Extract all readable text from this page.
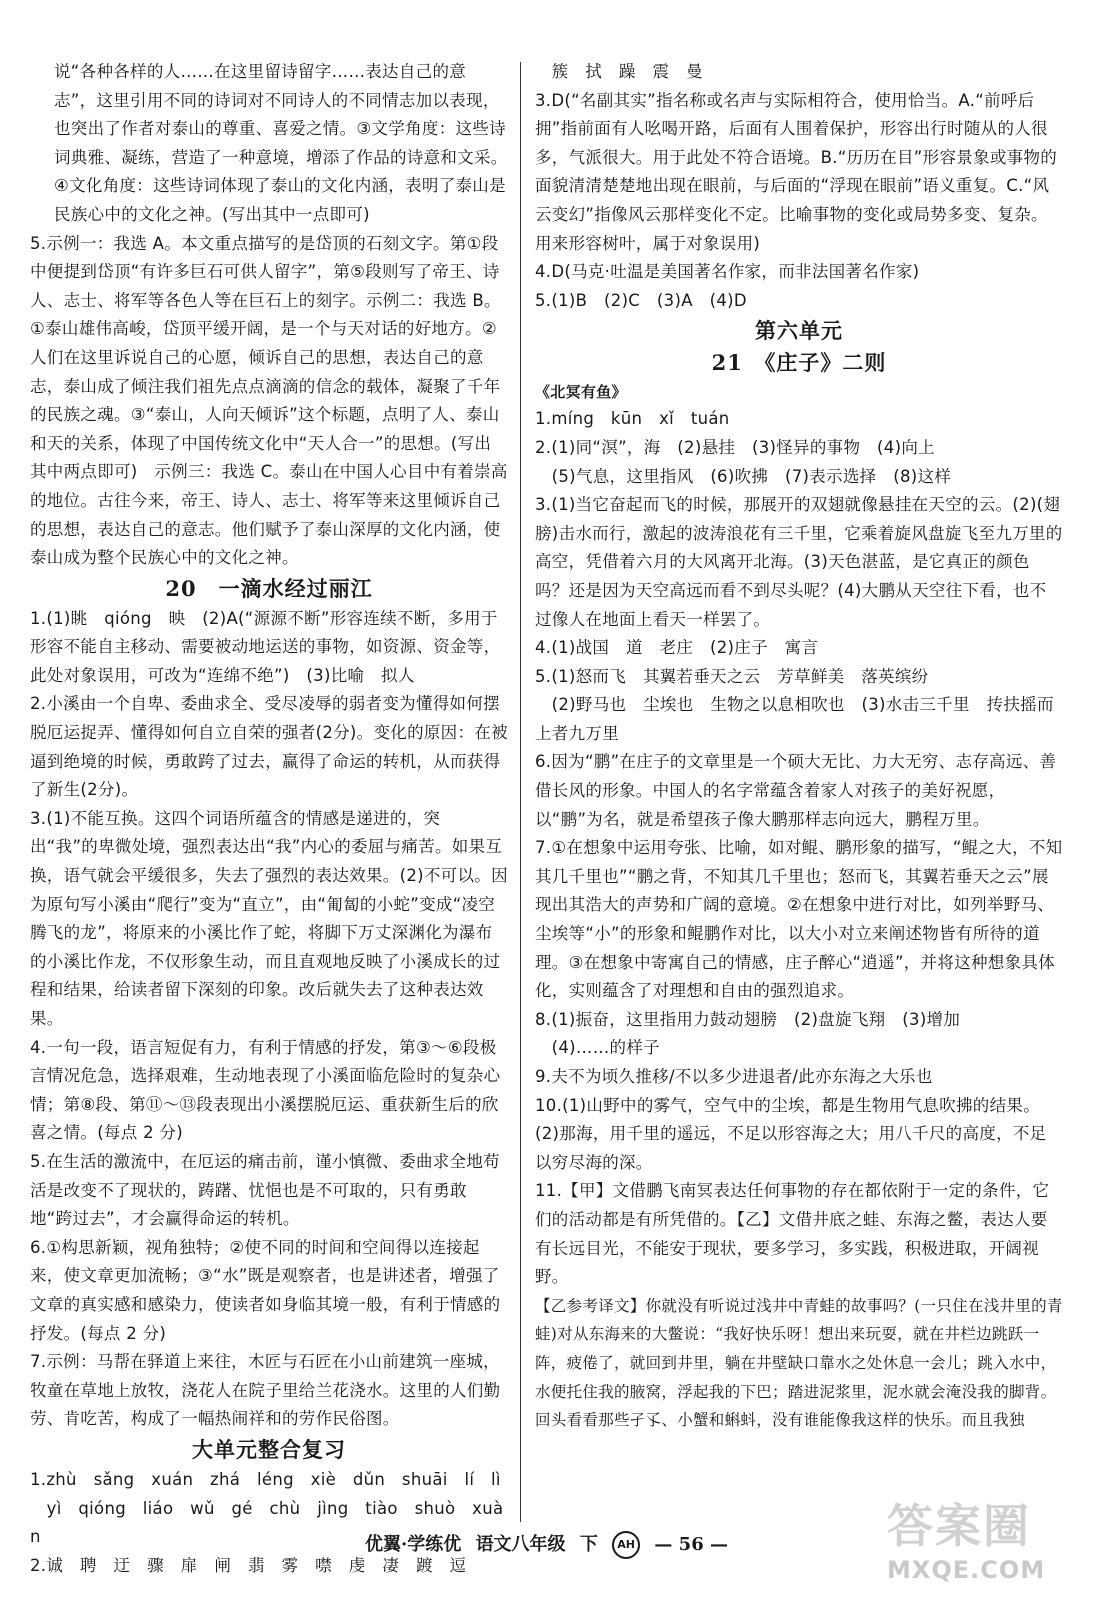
说“各种各样的人……在这里留诗留字……表达自己的意志”，这里引用不同的诗词对不同诗人的不同情志加以表现，也突出了作者对泰山的尊重、喜爱之情。③文学角度：这些诗词典雅、凝练，营造了一种意境，增添了作品的诗意和文采。④文化角度：这些诗词体现了泰山的文化内涵，表明了泰山是民族心中的文化之神。(写出其中一点即可)
5.示例一：我选 A。本文重点描写的是岱顶的石刻文字。第①段中便提到岱顶“有许多巨石可供人留字”，第⑤段则写了帝王、诗人、志士、将军等各色人等在巨石上的刻字。示例二：我选 B。①泰山雄伟高峻，岱顶平缓开阔，是一个与天对话的好地方。②人们在这里诉说自己的心愿，倾诉自己的思想，表达自己的意志，泰山成了倾注我们祖先点点滴滴的信念的载体，凝聚了千年的民族之魂。③“泰山，人向天倾诉”这个标题，点明了人、泰山和天的关系，体现了中国传统文化中“天人合一”的思想。(写出其中两点即可)　示例三：我选 C。泰山在中国人心目中有着崇高的地位。古往今来，帝王、诗人、志士、将军等来这里倾诉自己的思想，表达自己的意志。他们赋予了泰山深厚的文化内涵，使泰山成为整个民族心中的文化之神。
20　一滴水经过丽江
1.(1)眺　qióng　映　(2)A(“源源不断”形容连续不断，多用于形容不能自主移动、需要被动地运送的事物，如资源、资金等，此处对象误用，可改为“连绵不绝”)　(3)比喻　拟人
2.小溪由一个自卑、委曲求全、受尽凌辱的弱者变为懂得如何摆脱厄运捉弄、懂得如何自立自荣的强者(2分)。变化的原因：在被逼到绝境的时候，勇敢跨了过去，赢得了命运的转机，从而获得了新生(2分)。
3.(1)不能互换。这四个词语所蕴含的情感是递进的，突出“我”的卑微处境，强烈表达出“我”内心的委屈与痛苦。如果互换，语气就会平缓很多，失去了强烈的表达效果。(2)不可以。因为原句写小溪由“爬行”变为“直立”，由“匍匐的小蛇”变成“凌空腾飞的龙”，将原来的小溪比作了蛇，将脚下万丈深渊化为瀑布的小溪比作龙，不仅形象生动，而且直观地反映了小溪成长的过程和结果，给读者留下深刻的印象。改后就失去了这种表达效果。
4.一句一段，语言短促有力，有利于情感的抒发，第③～⑥段极言情况危急，选择艰难，生动地表现了小溪面临危险时的复杂心情；第⑧段、第⑪～⑬段表现出小溪摆脱厄运、重获新生后的欣喜之情。(每点 2 分)
5.在生活的激流中，在厄运的痛击前，谨小慎微、委曲求全地苟活是改变不了现状的，踌躇、忧悒也是不可取的，只有勇敢地“跨过去”，才会赢得命运的转机。
6.①构思新颖，视角独特；②使不同的时间和空间得以连接起来，使文章更加流畅；③“水”既是观察者，也是讲述者，增强了文章的真实感和感染力，使读者如身临其境一般，有利于情感的抒发。(每点 2 分)
7.示例：马帮在驿道上来往，木匠与石匠在小山前建筑一座城，牧童在草地上放牧，浇花人在院子里给兰花浇水。这里的人们勤劳、肯吃苦，构成了一幅热闹祥和的劳作民俗图。
大单元整合复习
1.zhù　sǎng　xuán　zhá　léng　xiè　dǔn　shuāi　lí　lì
yì　qióng　liáo　wǔ　gé　chù　jìng　tiào　shuò　xuàn
2.诚　聘　迂　骤　扉　闸　翡　雾　噤　虔　凄　踱　逗
簇　拭　躁　震　曼
3.D(“名副其实”指名称或名声与实际相符合，使用恰当。A.“前呼后拥”指前面有人吆喝开路，后面有人围着保护，形容出行时随从的人很多，气派很大。用于此处不符合语境。B.“历历在目”形容景象或事物的面貌清清楚楚地出现在眼前，与后面的“浮现在眼前”语义重复。C.“风云变幻”指像风云那样变化不定。比喻事物的变化或局势多变、复杂。用来形容树叶，属于对象误用)
4.D(马克·吐温是美国著名作家，而非法国著名作家)
5.(1)B　(2)C　(3)A　(4)D
第六单元
21　《庄子》二则
《北冥有鱼》
1.míng　kūn　xǐ　tuán
2.(1)同“溟”，海　(2)悬挂　(3)怪异的事物　(4)向上
(5)气息，这里指风　(6)吹拂　(7)表示选择　(8)这样
3.(1)当它奋起而飞的时候，那展开的双翅就像悬挂在天空的云。(2)(翅膀)击水而行，激起的波涛浪花有三千里，它乘着旋风盘旋飞至九万里的高空，凭借着六月的大风离开北海。(3)天色湛蓝，是它真正的颜色吗？还是因为天空高远而看不到尽头呢？(4)大鹏从天空往下看，也不过像人在地面上看天一样罢了。
4.(1)战国　道　老庄　(2)庄子　寓言
5.(1)怒而飞　其翼若垂天之云　芳草鲜美　落英缤纷
(2)野马也　尘埃也　生物之以息相吹也　(3)水击三千里　抟扶摇而上者九万里
6.因为“鹏”在庄子的文章里是一个硕大无比、力大无穷、志存高远、善借长风的形象。中国人的名字常蕴含着家人对孩子的美好祝愿，以“鹏”为名，就是希望孩子像大鹏那样志向远大，鹏程万里。
7.①在想象中运用夸张、比喻，如对鲲、鹏形象的描写，“鲲之大，不知其几千里也”“鹏之背，不知其几千里也；怒而飞，其翼若垂天之云”展现出其浩大的声势和广阔的意境。②在想象中进行对比，如列举野马、尘埃等“小”的形象和鲲鹏作对比，以大小对立来阐述物皆有所待的道理。③在想象中寄寓自己的情感，庄子醉心“逍遥”，并将这种想象具体化，实则蕴含了对理想和自由的强烈追求。
8.(1)振奋，这里指用力鼓动翅膀　(2)盘旋飞翔　(3)增加
(4)……的样子
9.夫不为顷久推移/不以多少进退者/此亦东海之大乐也
10.(1)山野中的雾气，空气中的尘埃，都是生物用气息吹拂的结果。(2)那海，用千里的遥远，不足以形容海之大；用八千尺的高度，不足以穷尽海的深。
11.【甲】文借鹏飞南冥表达任何事物的存在都依附于一定的条件，它们的活动都是有所凭借的。【乙】文借井底之蛙、东海之鳖，表达人要有长远目光，不能安于现状，要多学习，多实践，积极进取，开阔视野。
【乙参考译文】你就没有听说过浅井中青蛙的故事吗？(一只住在浅井里的青蛙)对从东海来的大鳖说：“我好快乐呀！想出来玩耍，就在井栏边跳跃一阵，疲倦了，就回到井里，躺在井壁缺口靠水之处休息一会儿；跳入水中，水便托住我的腋窝，浮起我的下巴；踏进泥浆里，泥水就会淹没我的脚背。回头看看那些孑孓、小蟹和蝌蚪，没有谁能像我这样的快乐。而且我独
优翼·学练优 语文八年级 下 AH — 56 —	答案圈
MXQE.COM
